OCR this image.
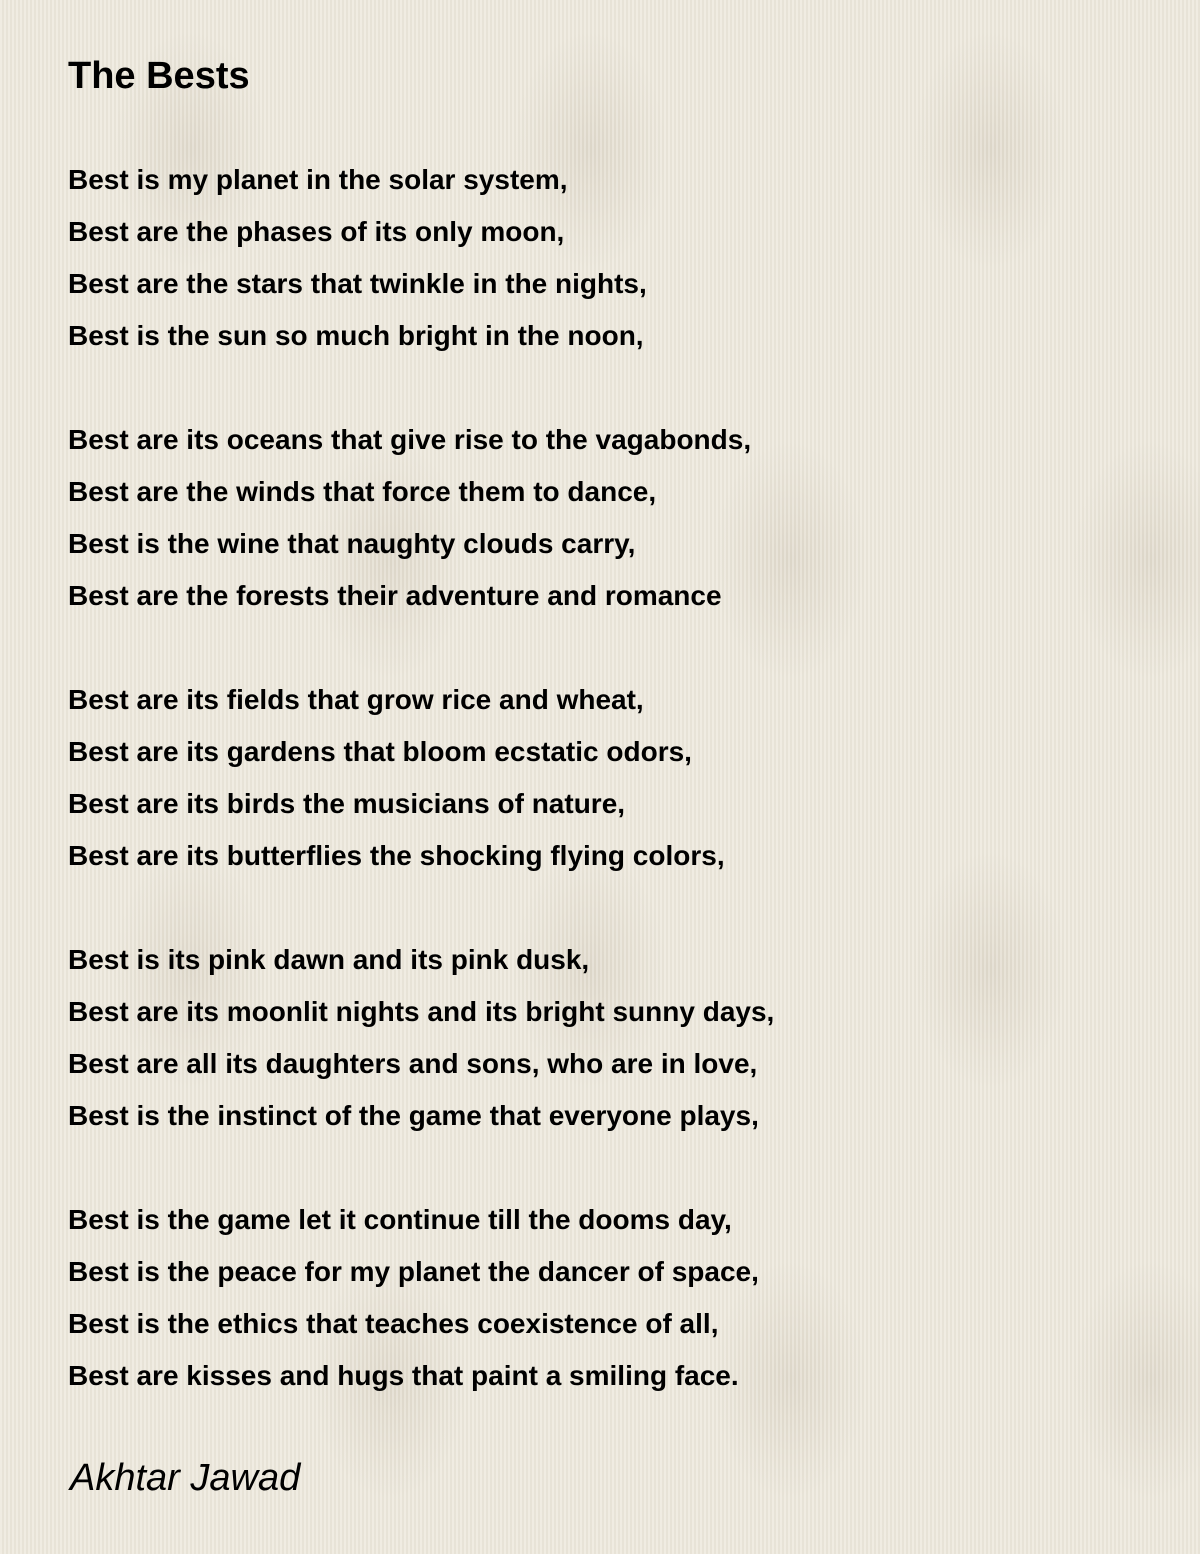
The Bests
Best is my planet in the solar system,
Best are the phases of its only moon,
Best are the stars that twinkle in the nights,
Best is the sun so much bright in the noon,
Best are its oceans that give rise to the vagabonds,
Best are the winds that force them to dance,
Best is the wine that naughty clouds carry,
Best are the forests their adventure and romance
Best are its fields that grow rice and wheat,
Best are its gardens that bloom ecstatic odors,
Best are its birds the musicians of nature,
Best are its butterflies the shocking flying colors,
Best is its pink dawn and its pink dusk,
Best are its moonlit nights and its bright sunny days,
Best are all its daughters and sons, who are in love,
Best is the instinct of the game that everyone plays,
Best is the game let it continue till the dooms day,
Best is the peace for my planet the dancer of space,
Best is the ethics that teaches coexistence of all,
Best are kisses and hugs that paint a smiling face.
Akhtar Jawad
